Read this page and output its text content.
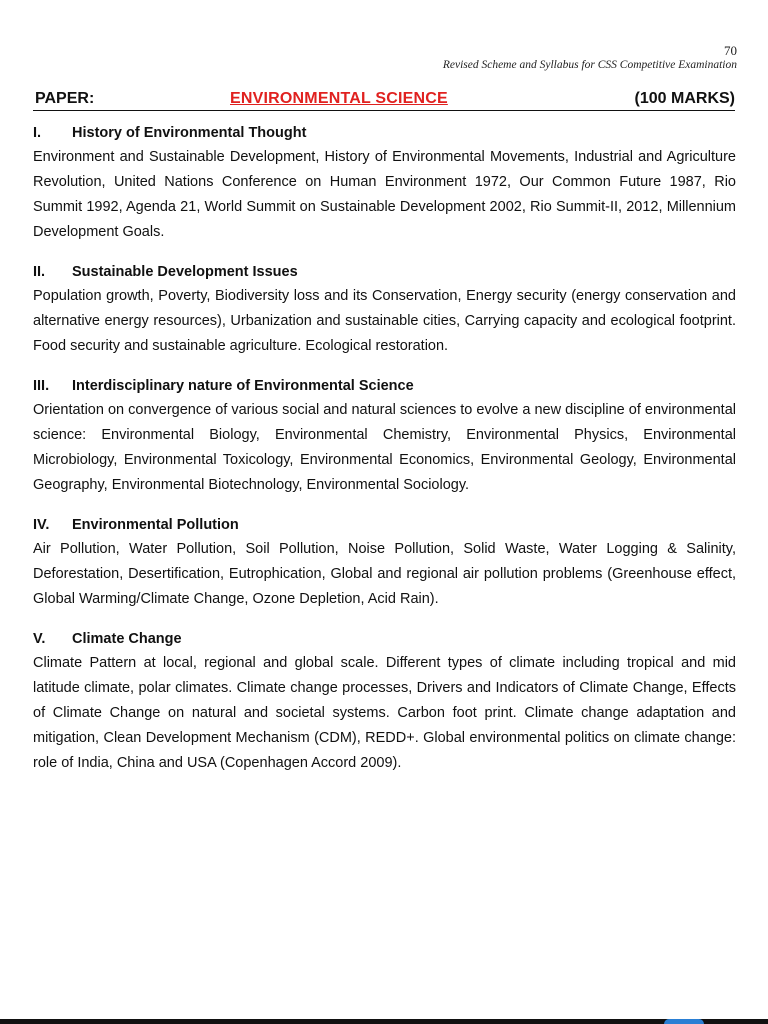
70
Revised Scheme and Syllabus for CSS Competitive Examination
PAPER:	ENVIRONMENTAL SCIENCE	(100 MARKS)
I.	History of Environmental Thought

Environment and Sustainable Development, History of Environmental Movements, Industrial and Agriculture Revolution, United Nations Conference on Human Environment 1972, Our Common Future 1987, Rio Summit 1992, Agenda 21, World Summit on Sustainable Development 2002, Rio Summit-II, 2012, Millennium Development Goals.

II.	Sustainable Development Issues

Population growth, Poverty, Biodiversity loss and its Conservation, Energy security (energy conservation and alternative energy resources), Urbanization and sustainable cities, Carrying capacity and ecological footprint. Food security and sustainable agriculture. Ecological restoration.

III.	Interdisciplinary nature of Environmental Science

Orientation on convergence of various social and natural sciences to evolve a new discipline of environmental science: Environmental Biology, Environmental Chemistry, Environmental Physics, Environmental Microbiology, Environmental Toxicology, Environmental Economics, Environmental Geology, Environmental Geography, Environmental Biotechnology, Environmental Sociology.

IV.	Environmental Pollution

Air Pollution, Water Pollution, Soil Pollution, Noise Pollution, Solid Waste, Water Logging & Salinity, Deforestation, Desertification, Eutrophication, Global and regional air pollution problems (Greenhouse effect, Global Warming/Climate Change, Ozone Depletion, Acid Rain).

V.	Climate Change

Climate Pattern at local, regional and global scale. Different types of climate including tropical and mid latitude climate, polar climates. Climate change processes, Drivers and Indicators of Climate Change, Effects of Climate Change on natural and societal systems. Carbon foot print. Climate change adaptation and mitigation, Clean Development Mechanism (CDM), REDD+. Global environmental politics on climate change: role of India, China and USA (Copenhagen Accord 2009).
